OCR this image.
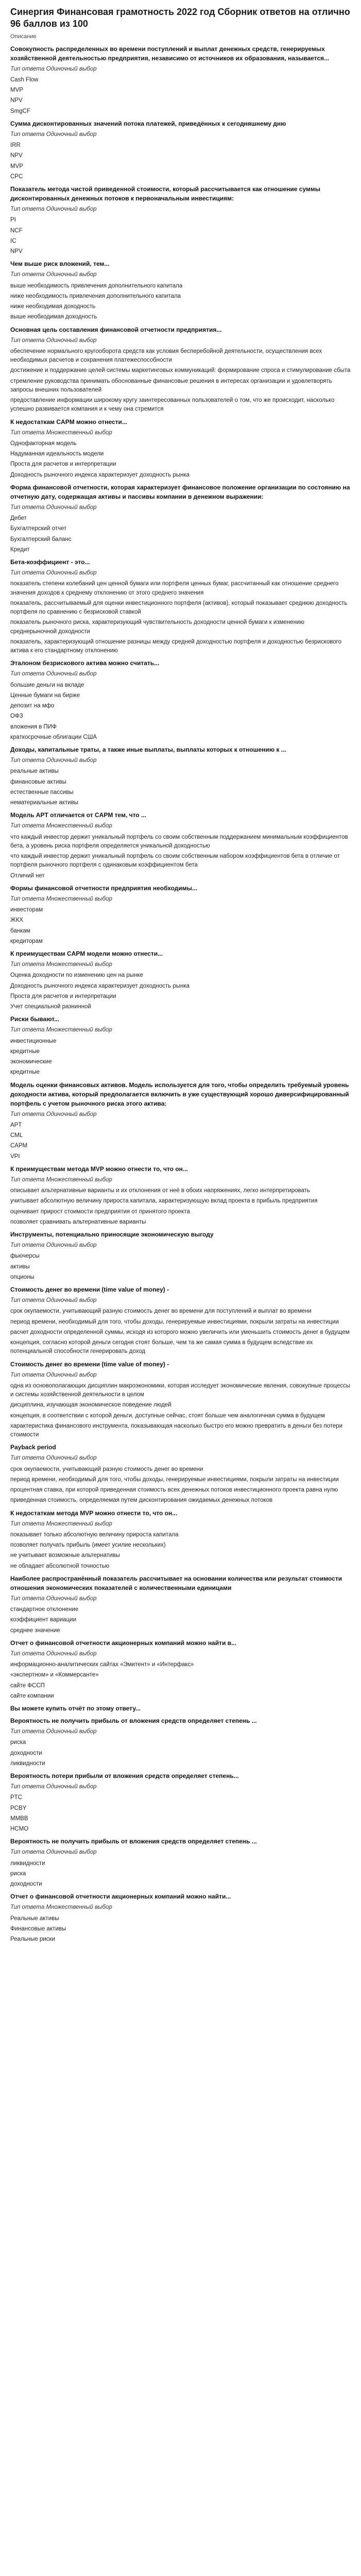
Синергия Финансовая грамотность 2022 год Сборник ответов на отлично 96 баллов из 100
Описание
Совокупность распределенных во времени поступлений и выплат денежных средств, генерируемых хозяйственной деятельностью предприятия, независимо от источников их образования, называется...
Тип ответа Одиночный выбор
Cash Flow
MVP
NPV
SmgCF
Сумма дисконтированных значений потока платежей, приведённых к сегодняшнему дню
Тип ответа Одиночный выбор
IRR
NPV
MVP
CPC
Показатель метода чистой приведенной стоимости, который рассчитывается как отношение суммы дисконтированных денежных потоков к первоначальным инвестициям:
Тип ответа Одиночный выбор
PI
NCF
IC
NPV
Чем выше риск вложений, тем...
Тип ответа Одиночный выбор
выше необходимость привлечения дополнительного капитала
ниже необходимость привлечения дополнительного капитала
ниже необходимая доходность
выше необходимая доходность
Основная цель составления финансовой отчетности предприятия...
Тип ответа Одиночный выбор
обеспечение нормального кругооборота средств как условия бесперебойной деятельности, осуществления всех необходимых расчетов и сохранения платежеспособности
достижение и поддержание целей системы маркетинговых коммуникаций: формирование спроса и стимулирование сбыта
стремление руководства принимать обоснованные финансовые решения в интересах организации и удовлетворять запросы внешних пользователей
предоставление информации широкому кругу заинтересованных пользователей о том, что же происходит, насколько успешно развивается компания и к чему она стремится
К недостаткам CAPM можно отнести...
Тип ответа Множественный выбор
Однофакторная модель
Надуманная идеальность модели
Проста для расчетов и интерпретации
Доходность рыночного индекса характеризует доходность рынка
Форма финансовой отчетности, которая характеризует финансовое положение организации по состоянию на отчетную дату, содержащая активы и пассивы компании в денежном выражении:
Тип ответа Одиночный выбор
Дебет
Бухгалтерский отчет
Бухгалтерский баланс
Кредит
Бета-коэффициент - это...
Тип ответа Одиночный выбор
показатель степени колебаний цен ценной бумаги или портфеля ценных бумаг, рассчитанный как отношение среднего значения доходов к среднему отклонению от этого среднего значения
показатель, рассчитываемый для оценки инвестиционного портфеля (активов), который показывает среднюю доходность портфеля по сравнению с безрисковой ставкой
показатель рыночного риска, характеризующий чувствительность доходности ценной бумаги к изменению среднерыночной доходности
показатель, характеризующий отношение разницы между средней доходностью портфеля и доходностью безрискового актива к его стандартному отклонению
Эталоном безрискового актива можно считать...
Тип ответа Одиночный выбор
большие деньги на вкладе
Ценные бумаги на бирже
депозит на мфо
ОФЗ
вложения в ПИФ
краткосрочные облигации США
Доходы, капитальные траты, а также иные выплаты, выплаты которых к отношению к ...
Тип ответа Одиночный выбор
реальные активы
финансовые активы
естественные пассивы
нематериальные активы
Модель APT отличается от CAPM тем, что ...
Тип ответа Множественный выбор
что каждый инвестор держит уникальный портфель со своим собственным поддержанием минимальным коэффициентов бета, а уровень риска портфеля определяется уникальной доходностью
что каждый инвестор держит уникальный портфель со своим собственным набором коэффициентов бета в отличие от портфеля рыночного портфеля с одинаковым коэффициентом бета
Отличий нет
Формы финансовой отчетности предприятия необходимы...
Тип ответа Множественный выбор
инвесторам
ЖКХ
банкам
кредиторам
К преимуществам CAPM модели можно отнести...
Тип ответа Множественный выбор
Оценка доходности по изменению цен на рынке
Доходность рыночного индекса характеризует доходность рынка
Проста для расчетов и интерпретации
Учет специальной разнинной
Риски бывают...
Тип ответа Множественный выбор
инвестиционные
кредитные
экономические
кредитные
Модель оценки финансовых активов. Модель используется для того, чтобы определить требуемый уровень доходности актива, который предполагается включить в уже существующий хорошо диверсифицированный портфель с учетом рыночного риска этого актива:
Тип ответа Одиночный выбор
APT
CML
CAPM
VPI
К преимуществам метода MVP можно отнести то, что он...
Тип ответа Множественный выбор
описывает альтернативные варианты и их отклонения от неё в обоих напряжениях, легко интерпретировать
учитывает абсолютную величину прироста капитала, характеризующую вклад проекта в прибыль предприятия
оценивает прирост стоимости предприятия от принятого проекта
позволяет сравнивать альтернативные варианты
Инструменты, потенциально приносящие экономическую выгоду
Тип ответа Одиночный выбор
фьючерсы
активы
опционы
Стоимость денег во времени (time value of money) -
Тип ответа Одиночный выбор
срок окупаемости, учитывающий разную стоимость денег во времени для поступлений и выплат во времени
период времени, необходимый для того, чтобы доходы, генерируемые инвестициями, покрыли затраты на инвестиции
расчет доходности определенной суммы, исходя из которого можно увеличить или уменьшить стоимость денег в будущем
концепция, согласно которой деньги сегодня стоят больше, чем та же самая сумма в будущем вследствие их потенциальной способности генерировать доход
Стоимость денег во времени (time value of money) -
Тип ответа Одиночный выбор
одна из основополагающих дисциплин макроэкономики, которая исследует экономические явления, совокупные процессы и системы хозяйственной деятельности в целом
дисциплина, изучающая экономическое поведение людей
концепция, в соответствии с которой деньги, доступные сейчас, стоят больше чем аналогичная сумма в будущем
характеристика финансового инструмента, показывающая насколько быстро его можно превратить в деньги без потери стоимости
Payback period
Тип ответа Одиночный выбор
срок окупаемости, учитывающий разную стоимость денег во времени
период времени, необходимый для того, чтобы доходы, генерируемые инвестициями, покрыли затраты на инвестиции
процентная ставка, при которой приведенная стоимость всех денежных потоков инвестиционного проекта равна нулю
приведенная стоимость, определяемая путем дисконтирования ожидаемых денежных потоков
К недостаткам метода MVP можно отнести то, что он...
Тип ответа Множественный выбор
показывает только абсолютную величину прироста капитала
позволяет получать прибыль (имеет усилие нескольких)
не учитывает возможные альтернативы
не обладает абсолютной точностью
Наиболее распространённый показатель рассчитывает на основании количества или результат стоимости отношения экономических показателей с количественными единицами
Тип ответа Одиночный выбор
стандартное отклонение
коэффициент вариации
среднее значение
Отчет о финансовой отчетности акционерных компаний можно найти в...
Тип ответа Одиночный выбор
информационно-аналитических сайтах «Эмитент» и «Интерфакс»
«экспертном» и «Коммерсанте»
сайте ФССП
сайте компании
Вы можете купить отчёт по этому ответу...
Вероятность не получить прибыль от вложения средств определяет степень ...
Тип ответа Одиночный выбор
риска
доходности
ликвидности
Вероятность потери прибыли от вложения средств определяет степень...
Тип ответа Одиночный выбор
PTC
PCBY
MMBB
HCMO
Вероятность не получить прибыль от вложения средств определяет степень ...
Тип ответа Одиночный выбор
ликвидности
риска
доходности
Отчет о финансовой отчетности акционерных компаний можно найти...
Тип ответа Множественный выбор
Реальные активы
Финансовые активы
Реальные риски
